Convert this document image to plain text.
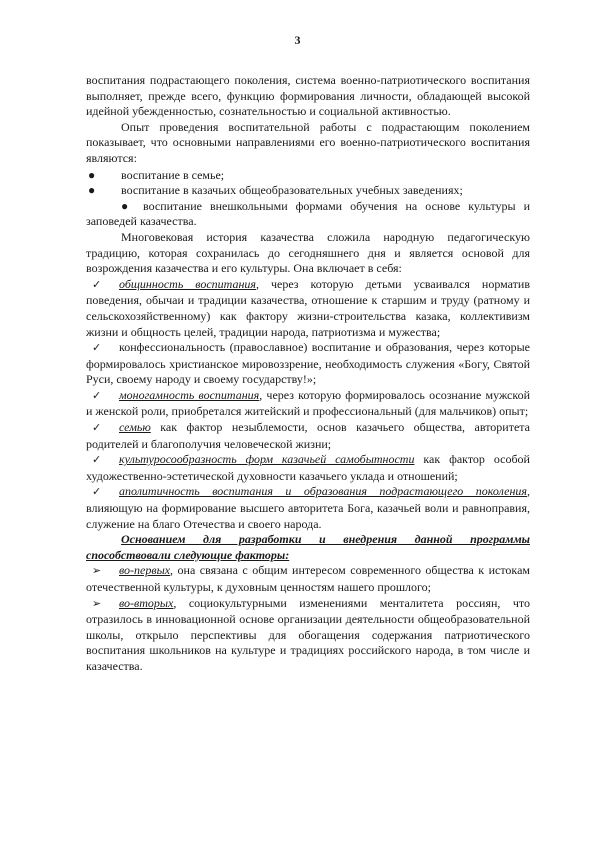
3

воспитания подрастающего поколения, система военно-патриотического воспитания выполняет, прежде всего, функцию формирования личности, обладающей высокой идейной убежденностью, сознательностью и социальной активностью.

Опыт проведения воспитательной работы с подрастающим поколением показывает, что основными направлениями его военно-патриотического воспитания являются:

●	воспитание в семье;

●	воспитание в казачьих общеобразовательных учебных заведениях;

● воспитание внешкольными формами обучения на основе культуры и заповедей казачества.

Многовековая история казачества сложила народную педагогическую традицию, которая сохранилась до сегодняшнего дня и является основой для возрождения казачества и его культуры. Она включает в себя:

✓ общинность воспитания, через которую детьми усваивался норматив поведения, обычаи и традиции казачества, отношение к старшим и труду (ратному и сельскохозяйственному) как фактору жизни-строительства казака, коллективизм жизни и общность целей, традиции народа, патриотизма и мужества;

✓ конфессиональность (православное) воспитание и образования, через которые формировалось христианское мировоззрение, необходимость служения «Богу, Святой Руси, своему народу и своему государству!»;

✓ моногамность воспитания, через которую формировалось осознание мужской и женской роли, приобретался житейский и профессиональный (для мальчиков) опыт;

✓ семью как фактор незыблемости, основ казачьего общества, авторитета родителей и благополучия человеческой жизни;

✓ культуросообразность форм казачьей самобытности как фактор особой художественно-эстетической духовности казачьего уклада и отношений;

✓ аполитичность воспитания и образования подрастающего поколения, влияющую на формирование высшего авторитета Бога, казачьей воли и равноправия, служение на благо Отечества и своего народа.

Основанием для разработки и внедрения данной программы способствовали следующие факторы:

➢ во-первых, она связана с общим интересом современного общества к истокам отечественной культуры, к духовным ценностям нашего прошлого;

➢ во-вторых, социокультурными изменениями менталитета россиян, что отразилось в инновационной основе организации деятельности общеобразовательной школы, открыло перспективы для обогащения содержания патриотического воспитания школьников на культуре и традициях российского народа, в том числе и казачества.
